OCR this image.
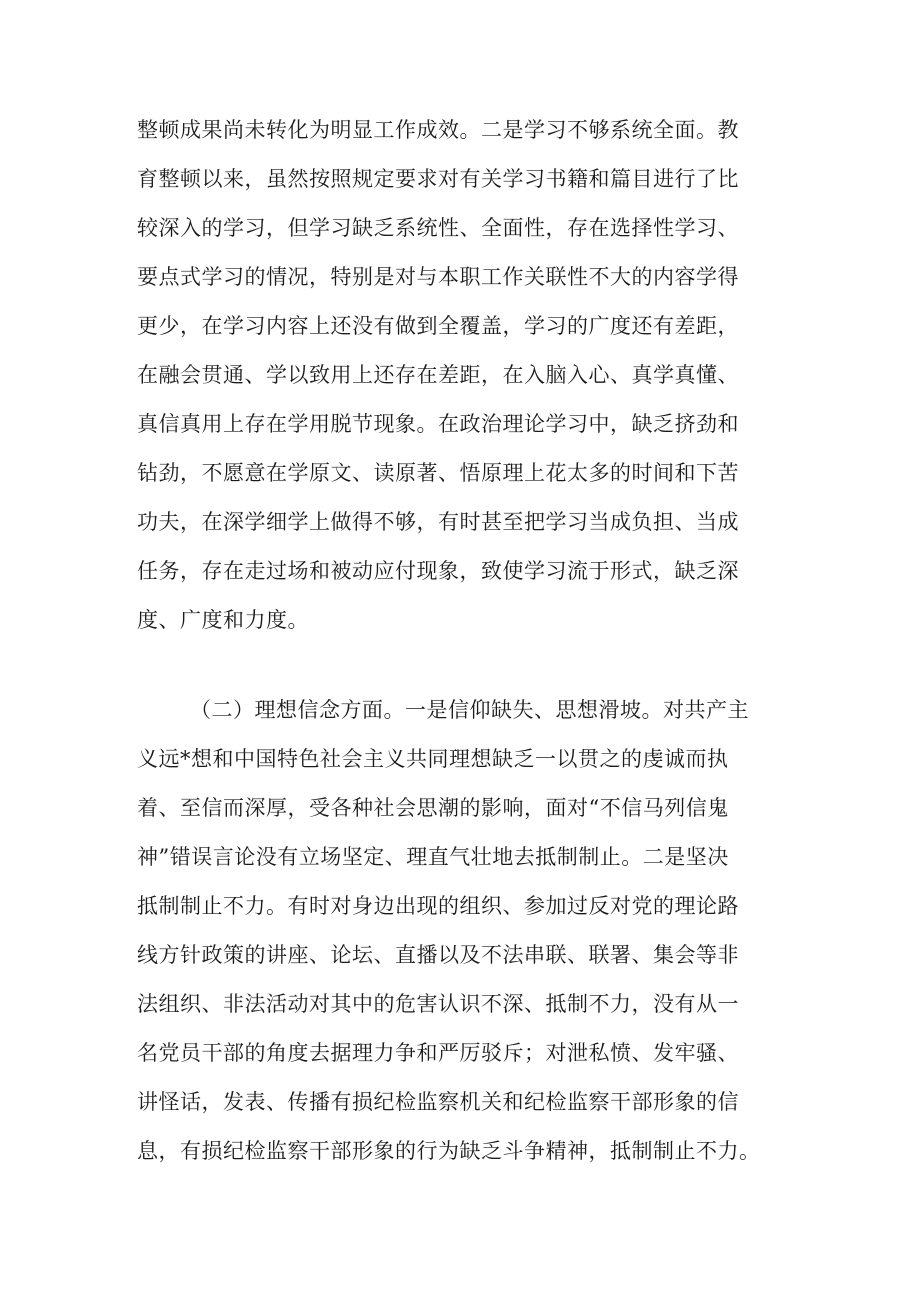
整顿成果尚未转化为明显工作成效。二是学习不够系统全面。教
育整顿以来，虽然按照规定要求对有关学习书籍和篇目进行了比
较深入的学习，但学习缺乏系统性、全面性，存在选择性学习、
要点式学习的情况，特别是对与本职工作关联性不大的内容学得
更少，在学习内容上还没有做到全覆盖，学习的广度还有差距，
在融会贯通、学以致用上还存在差距，在入脑入心、真学真懂、
真信真用上存在学用脱节现象。在政治理论学习中，缺乏挤劲和
钻劲，不愿意在学原文、读原著、悟原理上花太多的时间和下苦
功夫，在深学细学上做得不够，有时甚至把学习当成负担、当成
任务，存在走过场和被动应付现象，致使学习流于形式，缺乏深
度、广度和力度。
（二）理想信念方面。一是信仰缺失、思想滑坡。对共产主
义远*想和中国特色社会主义共同理想缺乏一以贯之的虔诚而执
着、至信而深厚，受各种社会思潮的影响，面对“不信马列信鬼
神”错误言论没有立场坚定、理直气壮地去抵制制止。二是坚决
抵制制止不力。有时对身边出现的组织、参加过反对党的理论路
线方针政策的讲座、论坛、直播以及不法串联、联署、集会等非
法组织、非法活动对其中的危害认识不深、抵制不力，没有从一
名党员干部的角度去据理力争和严厉驳斥；对泄私愤、发牢骚、
讲怪话，发表、传播有损纪检监察机关和纪检监察干部形象的信
息，有损纪检监察干部形象的行为缺乏斗争精神，抵制制止不力。
